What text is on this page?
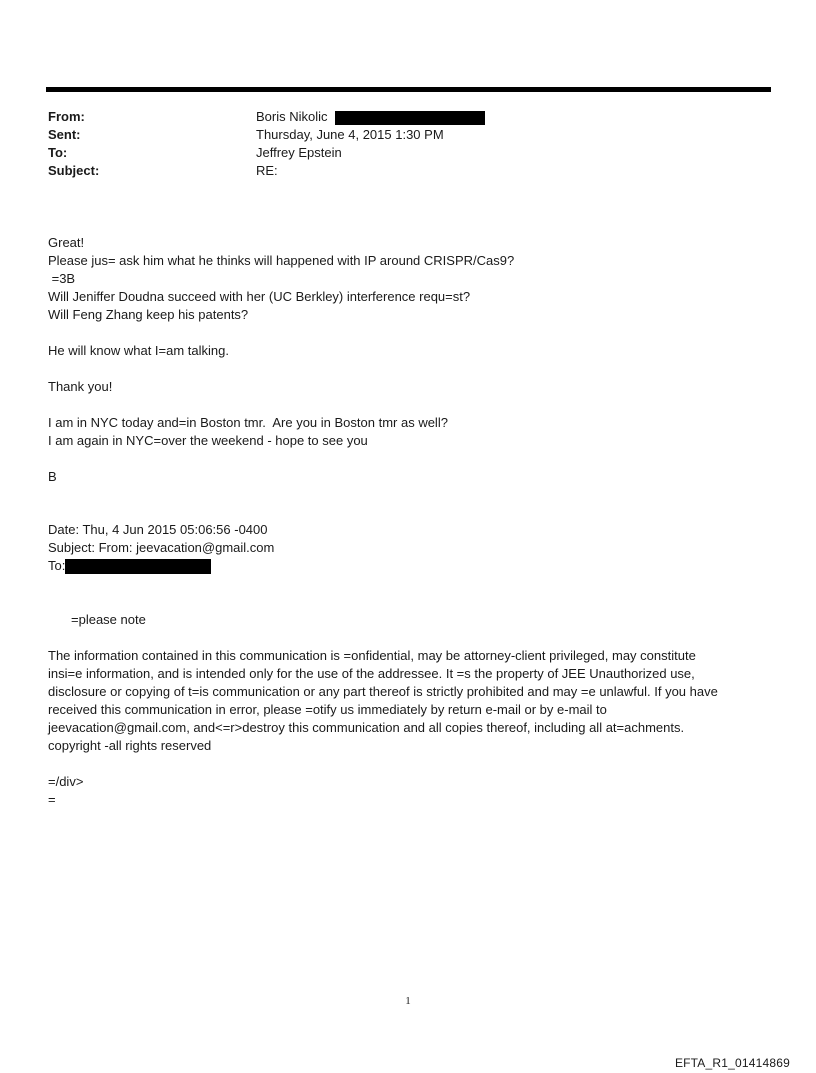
From:	Boris Nikolic
Sent:	Thursday, June 4, 2015 1:30 PM
To:	Jeffrey Epstein
Subject:	RE:
Great!
Please jus= ask him what he thinks will happened with IP around CRISPR/Cas9?
=3B
Will Jeniffer Doudna succeed with her (UC Berkley) interference requ=st?
Will Feng Zhang keep his patents?
He will know what I=am talking.
Thank you!
I am in NYC today and=in Boston tmr.  Are you in Boston tmr as well?
I am again in NYC=over the weekend - hope to see you
B
Date: Thu, 4 Jun 2015 05:06:56 -0400
Subject: From: jeevacation@gmail.com
To:
=please note
The information contained in this communication is =onfidential, may be attorney-client privileged, may constitute
insi=e information, and is intended only for the use of the addressee. It =s the property of JEE Unauthorized use,
disclosure or copying of t=is communication or any part thereof is strictly prohibited and may =e unlawful. If you have
received this communication in error, please =otify us immediately by return e-mail or by e-mail to
jeevacation@gmail.com, and<=r>destroy this communication and all copies thereof, including all at=achments.
copyright -all rights reserved
=/div>
=
1
EFTA_R1_01414869
